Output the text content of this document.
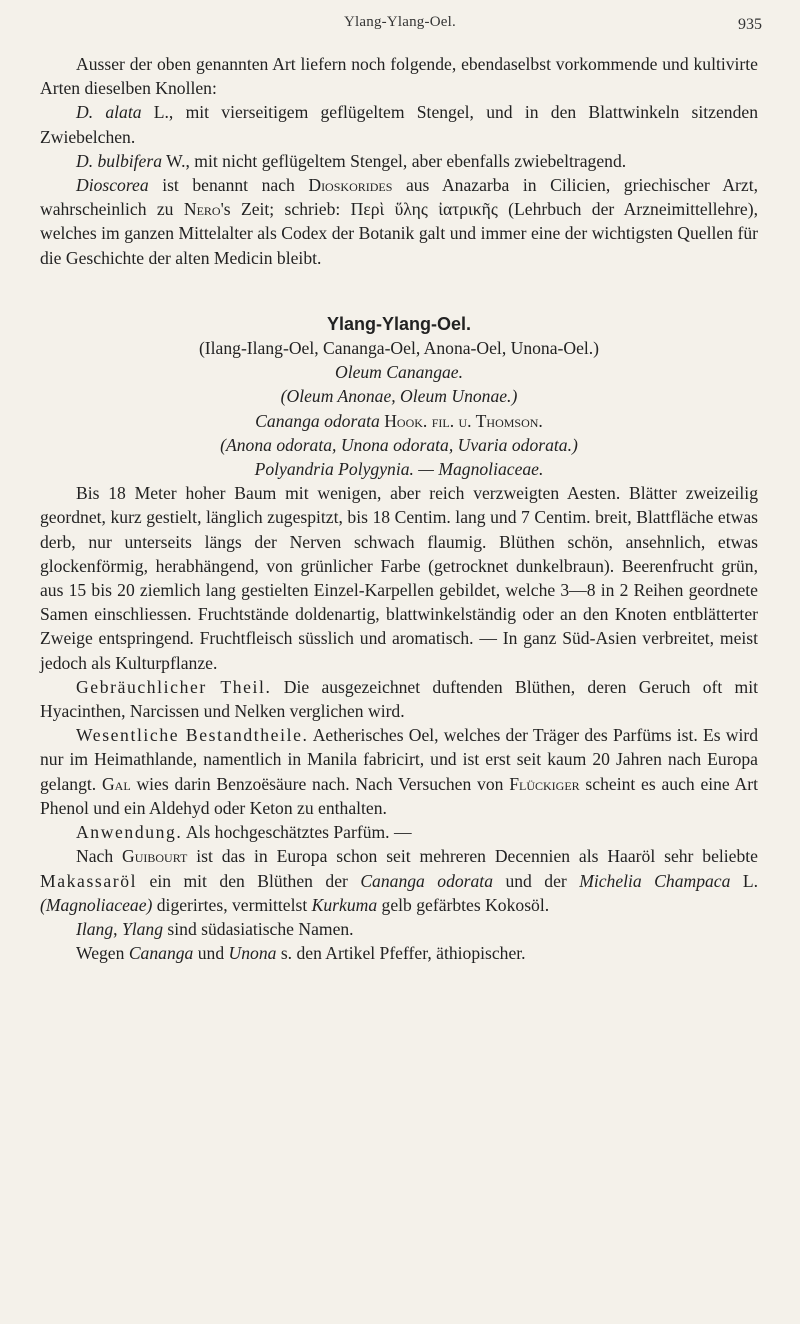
Ylang-Ylang-Oel.	935

Ausser der oben genannten Art liefern noch folgende, ebendaselbst vorkommende und kultivirte Arten dieselben Knollen:

D. alata L., mit vierseitigem geflügeltem Stengel, und in den Blattwinkeln sitzenden Zwiebelchen.

D. bulbifera W., mit nicht geflügeltem Stengel, aber ebenfalls zwiebeltragend.

Dioscorea ist benannt nach Dioskorides aus Anazarba in Cilicien, griechischer Arzt, wahrscheinlich zu Nero's Zeit; schrieb: Περὶ ὕλης ἰατρικῆς (Lehrbuch der Arzneimittellehre), welches im ganzen Mittelalter als Codex der Botanik galt und immer eine der wichtigsten Quellen für die Geschichte der alten Medicin bleibt.

Ylang-Ylang-Oel.

(Ilang-Ilang-Oel, Cananga-Oel, Anona-Oel, Unona-Oel.)

Oleum Canangae.

(Oleum Anonae, Oleum Unonae.)

Cananga odorata Hook. fil. u. Thomson.

(Anona odorata, Unona odorata, Uvaria odorata.)

Polyandria Polygynia. — Magnoliaceae.

Bis 18 Meter hoher Baum mit wenigen, aber reich verzweigten Aesten. Blätter zweizeilig geordnet, kurz gestielt, länglich zugespitzt, bis 18 Centim. lang und 7 Centim. breit, Blattfläche etwas derb, nur unterseits längs der Nerven schwach flaumig. Blüthen schön, ansehnlich, etwas glockenförmig, herabhängend, von grünlicher Farbe (getrocknet dunkelbraun). Beerenfrucht grün, aus 15 bis 20 ziemlich lang gestielten Einzel-Karpellen gebildet, welche 3—8 in 2 Reihen geordnete Samen einschliessen. Fruchtstände doldenartig, blattwinkelständig oder an den Knoten entblätterter Zweige entspringend. Fruchtfleisch süsslich und aromatisch. — In ganz Süd-Asien verbreitet, meist jedoch als Kulturpflanze.

Gebräuchlicher Theil. Die ausgezeichnet duftenden Blüthen, deren Geruch oft mit Hyacinthen, Narcissen und Nelken verglichen wird.

Wesentliche Bestandtheile. Aetherisches Oel, welches der Träger des Parfüms ist. Es wird nur im Heimathlande, namentlich in Manila fabricirt, und ist erst seit kaum 20 Jahren nach Europa gelangt. Gal wies darin Benzoësäure nach. Nach Versuchen von Flückiger scheint es auch eine Art Phenol und ein Aldehyd oder Keton zu enthalten.

Anwendung. Als hochgeschätztes Parfüm. —

Nach Guibourt ist das in Europa schon seit mehreren Decennien als Haaröl sehr beliebte Makassaröl ein mit den Blüthen der Cananga odorata und der Michelia Champaca L. (Magnoliaceae) digerirtes, vermittelst Kurkuma gelb gefärbtes Kokosöl.

Ilang, Ylang sind südasiatische Namen.

Wegen Cananga und Unona s. den Artikel Pfeffer, äthiopischer.
